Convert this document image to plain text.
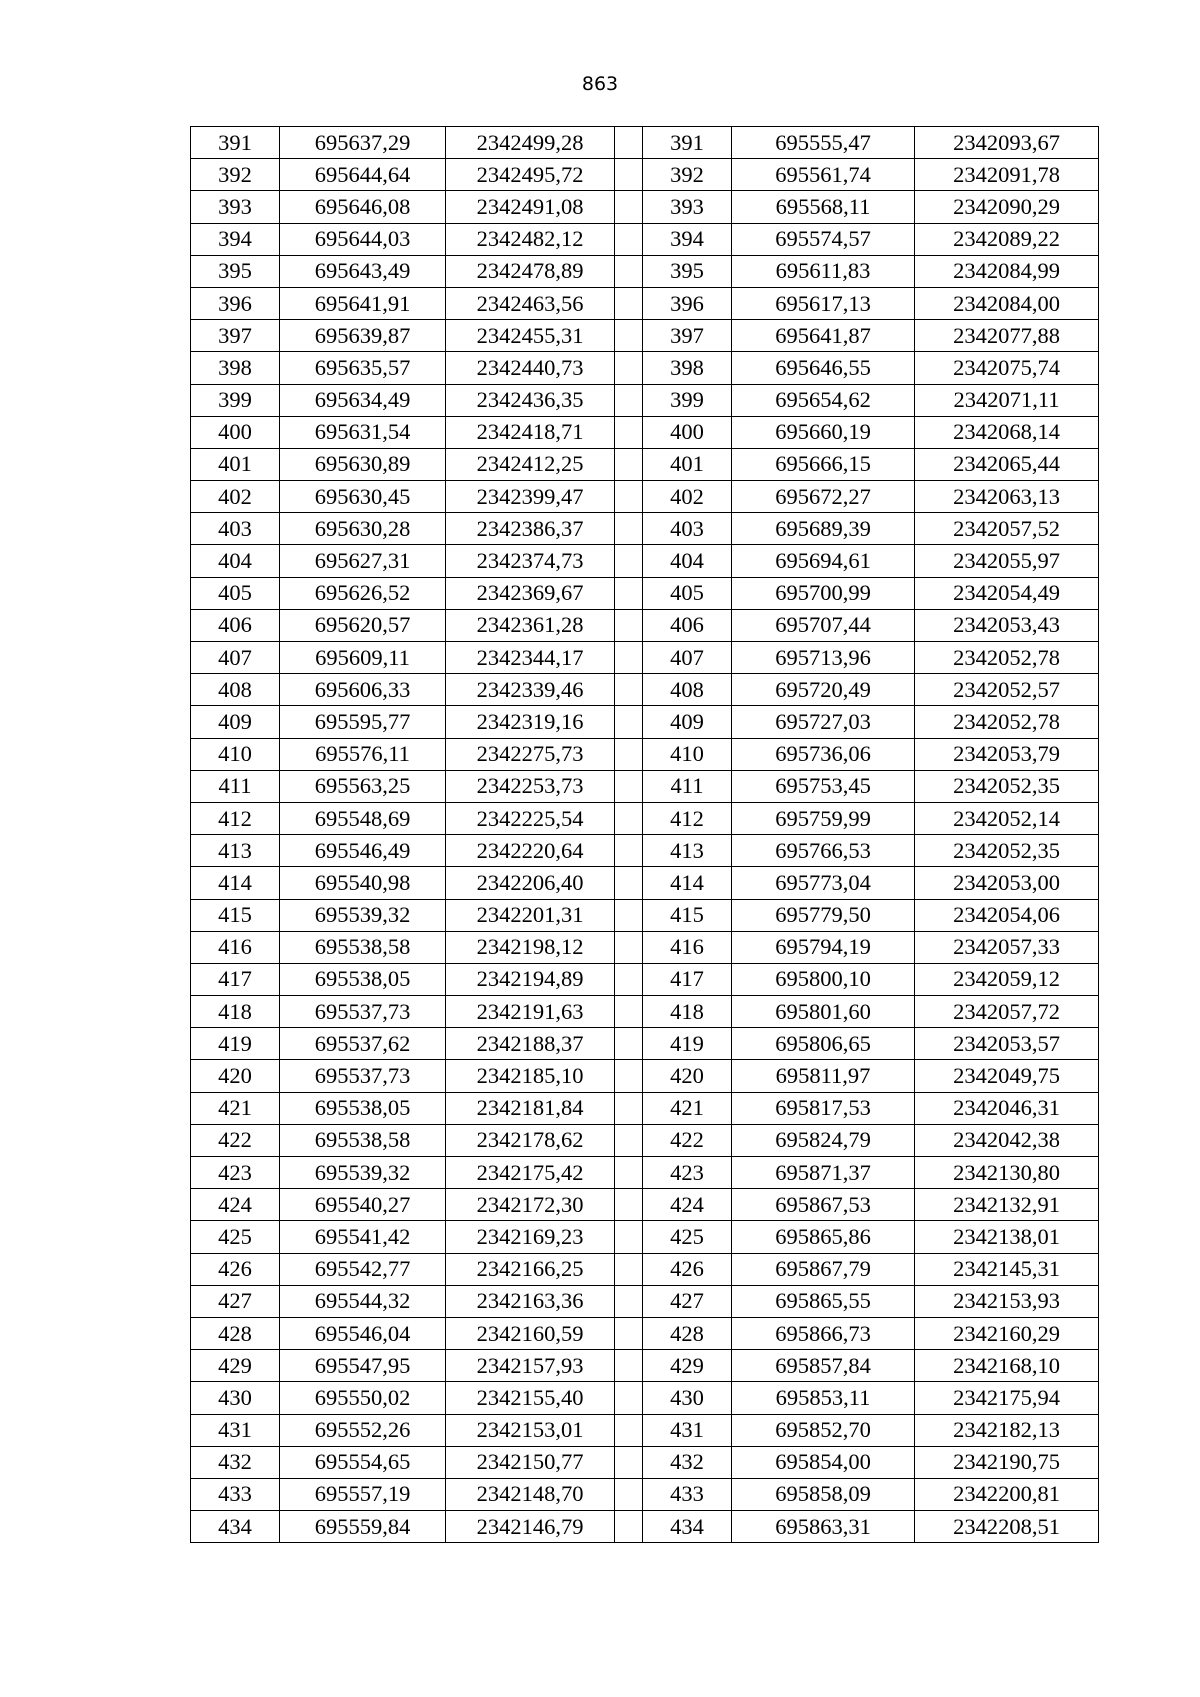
863
391	695637,29	2342499,28		391	695555,47	2342093,67
392	695644,64	2342495,72		392	695561,74	2342091,78
393	695646,08	2342491,08		393	695568,11	2342090,29
394	695644,03	2342482,12		394	695574,57	2342089,22
395	695643,49	2342478,89		395	695611,83	2342084,99
396	695641,91	2342463,56		396	695617,13	2342084,00
397	695639,87	2342455,31		397	695641,87	2342077,88
398	695635,57	2342440,73		398	695646,55	2342075,74
399	695634,49	2342436,35		399	695654,62	2342071,11
400	695631,54	2342418,71		400	695660,19	2342068,14
401	695630,89	2342412,25		401	695666,15	2342065,44
402	695630,45	2342399,47		402	695672,27	2342063,13
403	695630,28	2342386,37		403	695689,39	2342057,52
404	695627,31	2342374,73		404	695694,61	2342055,97
405	695626,52	2342369,67		405	695700,99	2342054,49
406	695620,57	2342361,28		406	695707,44	2342053,43
407	695609,11	2342344,17		407	695713,96	2342052,78
408	695606,33	2342339,46		408	695720,49	2342052,57
409	695595,77	2342319,16		409	695727,03	2342052,78
410	695576,11	2342275,73		410	695736,06	2342053,79
411	695563,25	2342253,73		411	695753,45	2342052,35
412	695548,69	2342225,54		412	695759,99	2342052,14
413	695546,49	2342220,64		413	695766,53	2342052,35
414	695540,98	2342206,40		414	695773,04	2342053,00
415	695539,32	2342201,31		415	695779,50	2342054,06
416	695538,58	2342198,12		416	695794,19	2342057,33
417	695538,05	2342194,89		417	695800,10	2342059,12
418	695537,73	2342191,63		418	695801,60	2342057,72
419	695537,62	2342188,37		419	695806,65	2342053,57
420	695537,73	2342185,10		420	695811,97	2342049,75
421	695538,05	2342181,84		421	695817,53	2342046,31
422	695538,58	2342178,62		422	695824,79	2342042,38
423	695539,32	2342175,42		423	695871,37	2342130,80
424	695540,27	2342172,30		424	695867,53	2342132,91
425	695541,42	2342169,23		425	695865,86	2342138,01
426	695542,77	2342166,25		426	695867,79	2342145,31
427	695544,32	2342163,36		427	695865,55	2342153,93
428	695546,04	2342160,59		428	695866,73	2342160,29
429	695547,95	2342157,93		429	695857,84	2342168,10
430	695550,02	2342155,40		430	695853,11	2342175,94
431	695552,26	2342153,01		431	695852,70	2342182,13
432	695554,65	2342150,77		432	695854,00	2342190,75
433	695557,19	2342148,70		433	695858,09	2342200,81
434	695559,84	2342146,79		434	695863,31	2342208,51
